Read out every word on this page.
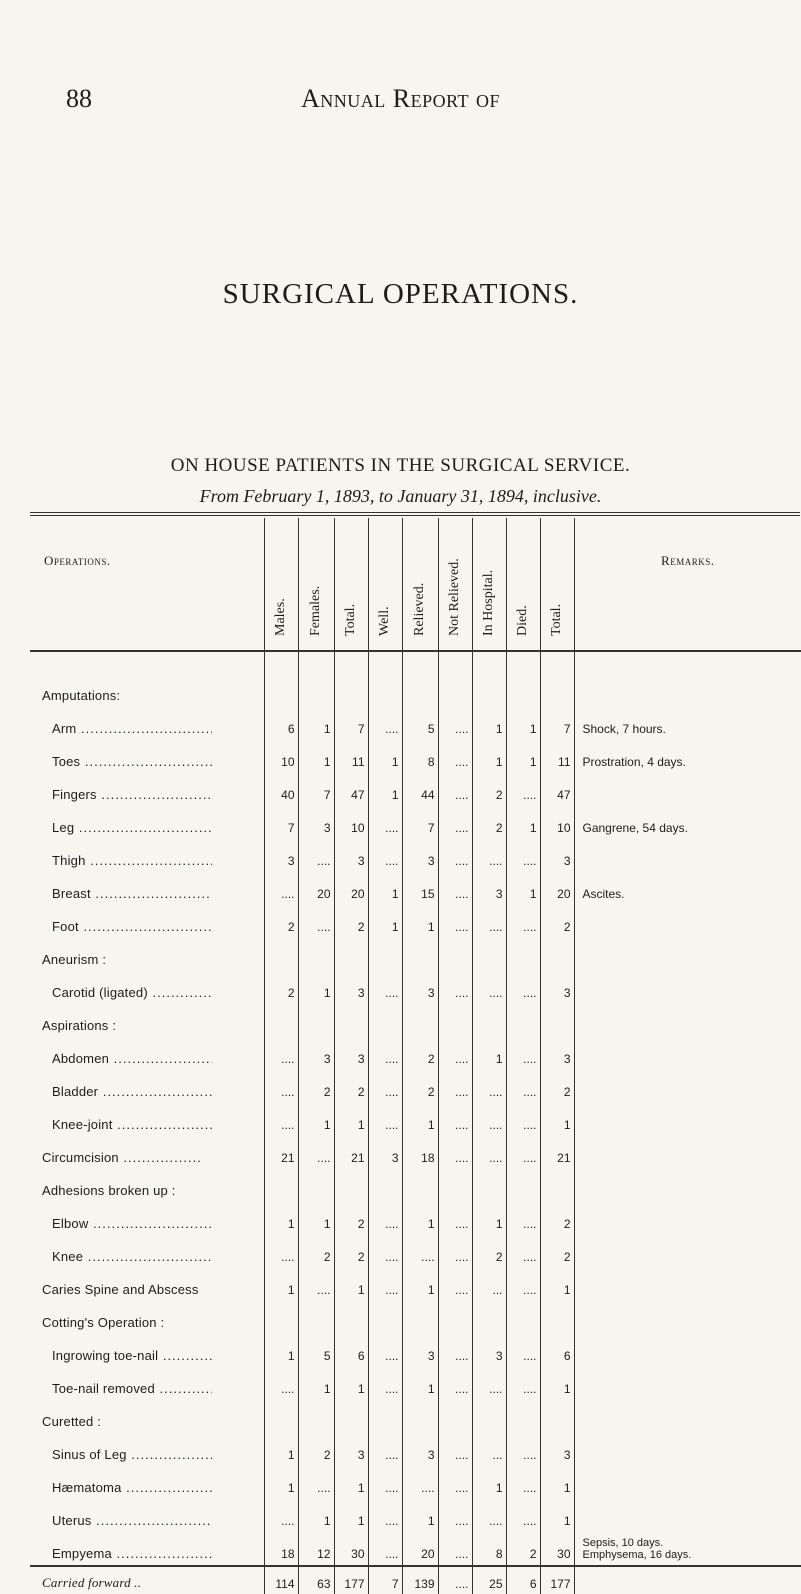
88	Annual Report of
SURGICAL OPERATIONS.
ON HOUSE PATIENTS IN THE SURGICAL SERVICE.
From February 1, 1893, to January 31, 1894, inclusive.
Operations.	Males.	Females.	Total.	Well.	Relieved.	Not Relieved.	In Hospital.	Died.	Total.	Remarks.

Amputations:										
Arm .....	6	1	7	....	5	....	1	1	7	Shock, 7 hours.
Toes .....	10	1	11	1	8	....	1	1	11	Prostration, 4 days.
Fingers .....	40	7	47	1	44	....	2	....	47	
Leg .....	7	3	10	....	7	....	2	1	10	Gangrene, 54 days.
Thigh .....	3	....	3	....	3	....	....	....	3	
Breast .....	....	20	20	1	15	....	3	1	20	Ascites.
Foot .....	2	....	2	1	1	....	....	....	2	
Aneurism :										
Carotid (ligated) .....	2	1	3	....	3	....	....	....	3	
Aspirations :										
Abdomen .....	....	3	3	....	2	....	1	....	3	
Bladder .....	....	2	2	....	2	....	....	....	2	
Knee-joint .....	....	1	1	....	1	....	....	....	1	
Circumcision .....	21	....	21	3	18	....	....	....	21	
Adhesions broken up :										
Elbow .....	1	1	2	....	1	....	1	....	2	
Knee .....	....	2	2	....	....	....	2	....	2	
Caries Spine and Abscess	1	....	1	....	1	....	...	....	1	
Cotting's Operation :										
Ingrowing toe-nail .....	1	5	6	....	3	....	3	....	6	
Toe-nail removed .....	....	1	1	....	1	....	....	....	1	
Curetted :										
Sinus of Leg .....	1	2	3	....	3	....	...	....	3	
Hæmatoma .....	1	....	1	....	....	....	1	....	1	
Uterus .....	....	1	1	....	1	....	....	....	1	
Empyema .....	18	12	30	....	20	....	8	2	30	Sepsis, 10 days.
Emphysema, 16 days.
Carried forward ..	114	63	177	7	139	....	25	6	177	
